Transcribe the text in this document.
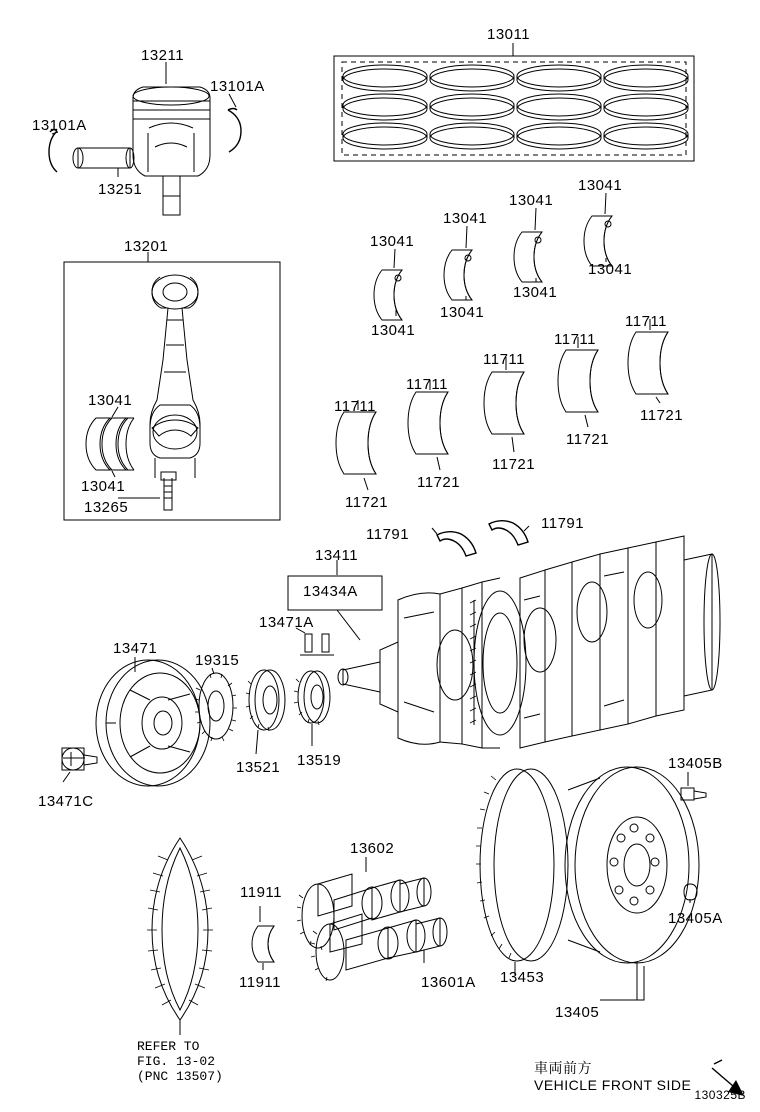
13211
13101A
13101A
13251
13011
13201
13041
13041
13265
13041
13041
13041
13041
13041
13041
13041
13041
11711
11711
11711
11711
11711
11721
11721
11721
11721
11721
11791
11791
13411
13434A
13471A
13471
19315
13521 13519
13471C
13405B
13405A
13453
13405
13602
11911
11911	13601A
REFER TO
FIG. 13-02
(PNC 13507)
車両前方
VEHICLE FRONT SIDE
130325B
